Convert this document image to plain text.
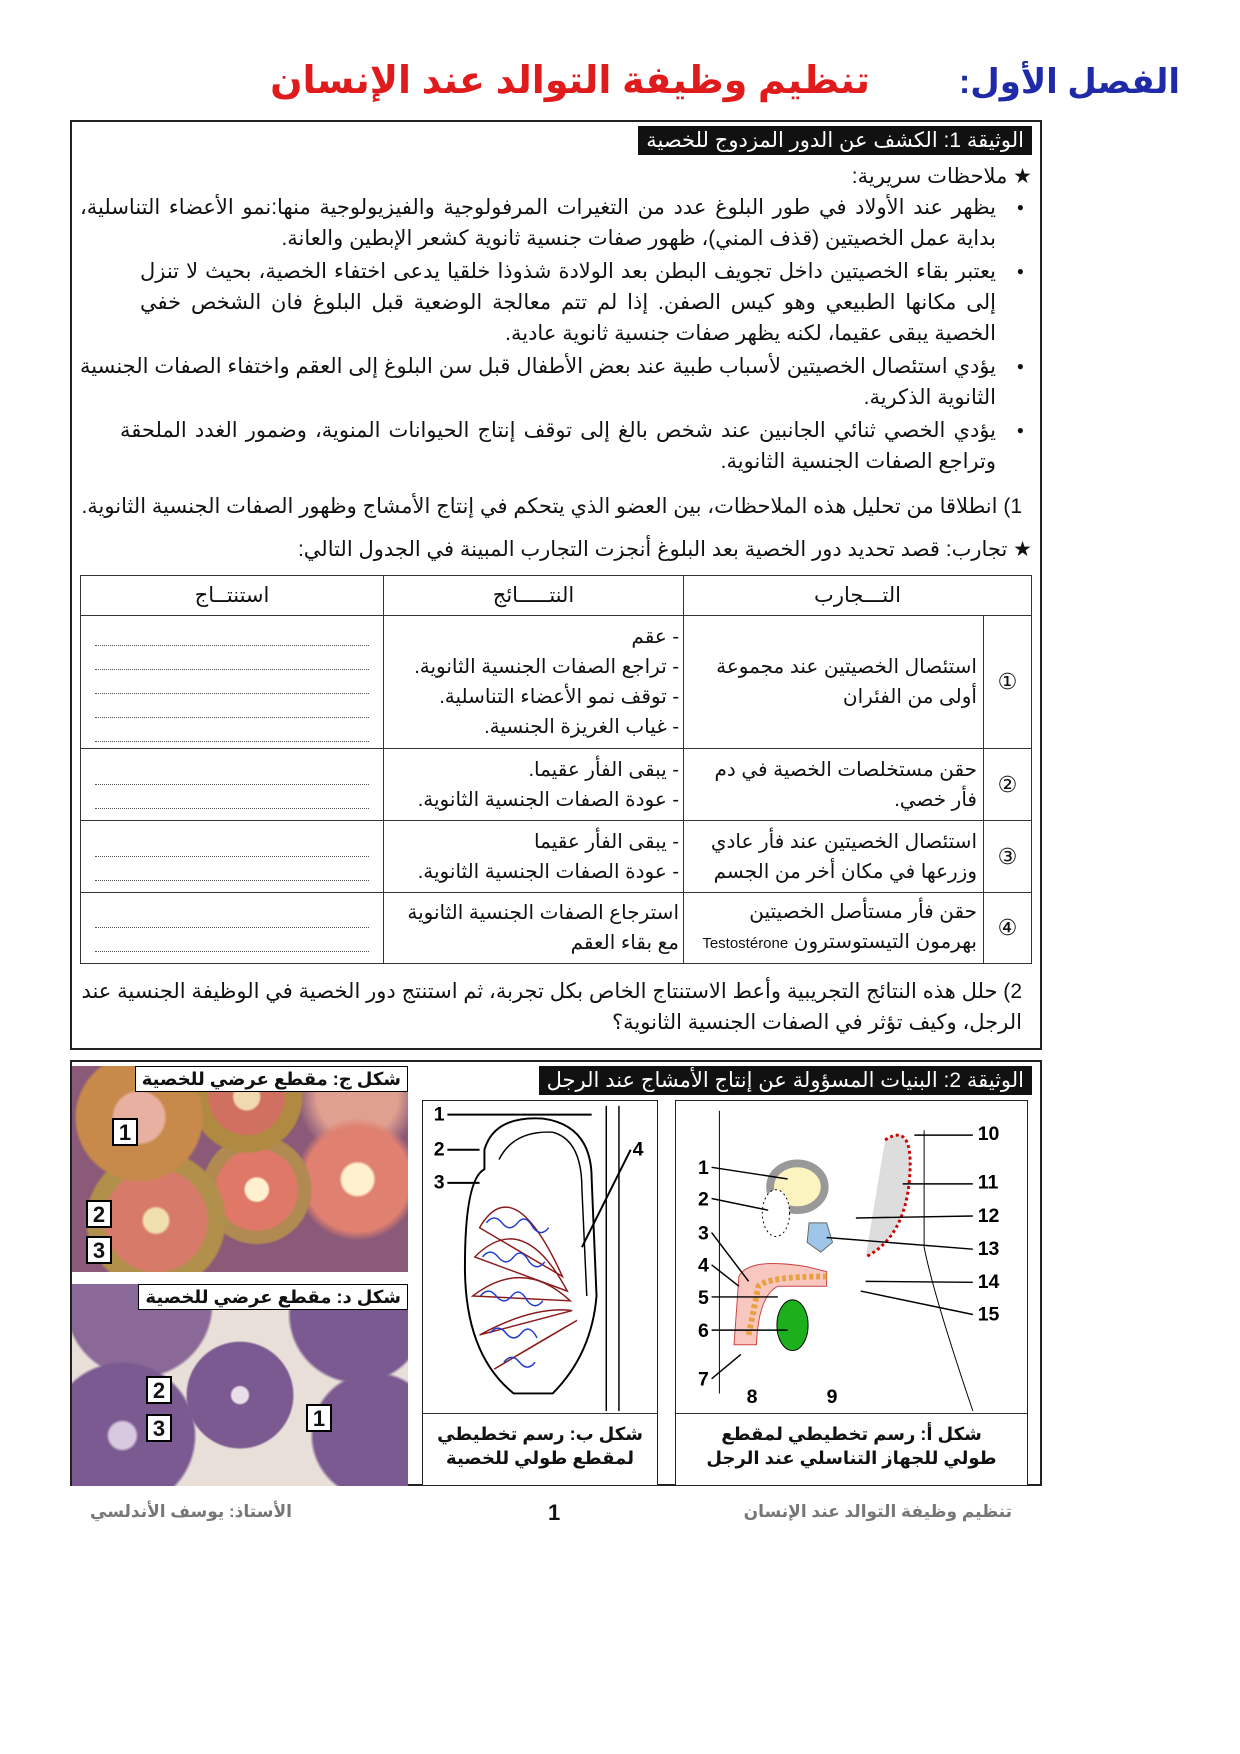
الفصل الأول:
تنظيم وظيفة التوالد عند الإنسان
الوثيقة 1: الكشف عن الدور المزدوج للخصية
★ ملاحظات سريرية:
● يظهر عند الأولاد في طور البلوغ عدد من التغيرات المرفولوجية والفيزيولوجية منها:نمو الأعضاء التناسلية، بداية عمل الخصيتين (قذف المني)، ظهور صفات جنسية ثانوية كشعر الإبطين والعانة.
● يعتبر بقاء الخصيتين داخل تجويف البطن بعد الولادة شذوذا خلقيا يدعى اختفاء الخصية، بحيث لا تنزل إلى مكانها الطبيعي وهو كيس الصفن. إذا لم تتم معالجة الوضعية قبل البلوغ فان الشخص خفي الخصية يبقى عقيما، لكنه يظهر صفات جنسية ثانوية عادية.
● يؤدي استئصال الخصيتين لأسباب طبية عند بعض الأطفال قبل سن البلوغ إلى العقم واختفاء الصفات الجنسية الثانوية الذكرية.
● يؤدي الخصي ثنائي الجانبين عند شخص بالغ إلى توقف إنتاج الحيوانات المنوية، وضمور الغدد الملحقة وتراجع الصفات الجنسية الثانوية.
1) انطلاقا من تحليل هذه الملاحظات، بين العضو الذي يتحكم في إنتاج الأمشاج وظهور الصفات الجنسية الثانوية.
★ تجارب: قصد تحديد دور الخصية بعد البلوغ أنجزت التجارب المبينة في الجدول التالي:
التـــجارب		النتـــــائج	استنتــاج
①	استئصال الخصيتين عند مجموعة أولى من الفئران	- عقم
- تراجع الصفات الجنسية الثانوية.
- توقف نمو الأعضاء التناسلية.
- غياب الغريزة الجنسية.	

②	حقن مستخلصات الخصية في دم فأر خصي.	- يبقى الفأر عقيما.
- عودة الصفات الجنسية الثانوية.	

③	استئصال الخصيتين عند فأر عادي وزرعها في مكان أخر من الجسم	- يبقى الفأر عقيما
- عودة الصفات الجنسية الثانوية.	

④	حقن فأر مستأصل الخصيتين بهرمون التيستوسترون Testostérone	استرجاع الصفات الجنسية الثانوية
مع بقاء العقم	

2) حلل هذه النتائج التجريبية وأعط الاستنتاج الخاص بكل تجربة، ثم استنتج دور الخصية في الوظيفة الجنسية عند الرجل، وكيف تؤثر في الصفات الجنسية الثانوية؟
الوثيقة 2: البنيات المسؤولة عن إنتاج الأمشاج عند الرجل
شكل ج: مقطع عرضي للخصية
1
2
3
شكل د: مقطع عرضي للخصية
2
3	1
1
2
3
4
شكل ب: رسم تخطيطي لمقطع طولي للخصية
1
2
3
4
5
6
7
8	9
10
11
12
13
14
15
شكل أ: رسم تخطيطي لمقطع طولي للجهاز التناسلي عند الرجل
الأستاذ: يوسف الأندلسي	1	تنظيم وظيفة التوالد عند الإنسان
